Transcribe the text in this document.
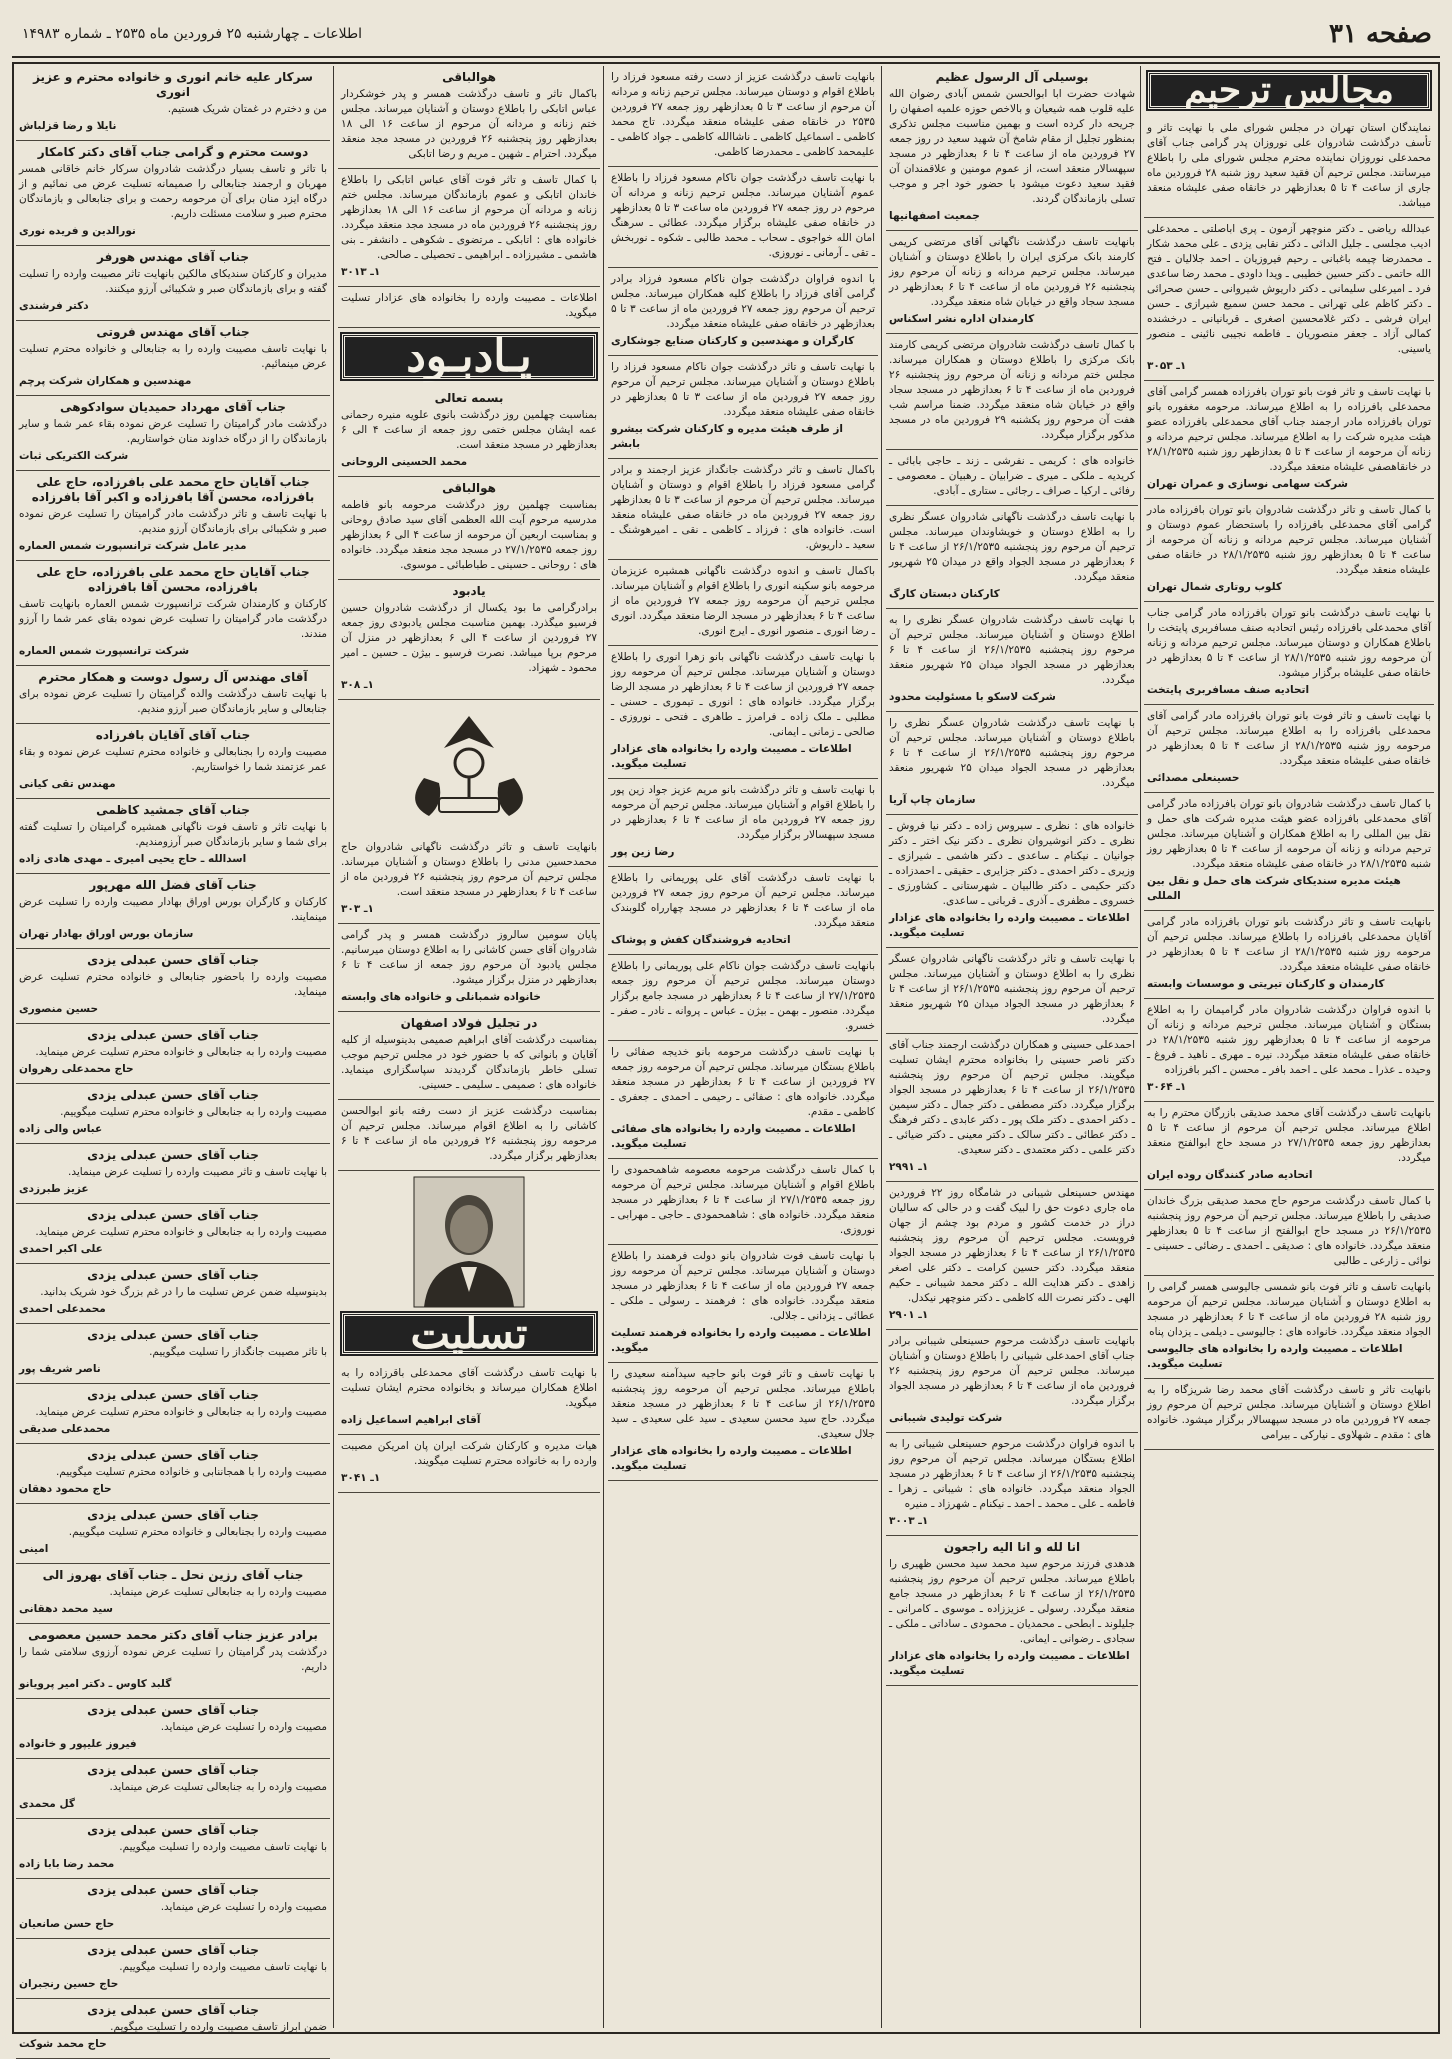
صفحه ۳۱
اطلاعات ـ چهارشنبه ۲۵ فروردین ماه ۲۵۳۵ ـ شماره ۱۴۹۸۳
مجالس ترحیم

نمایندگان استان تهران در مجلس شورای ملی با نهایت تاثر و تأسف درگذشت شادروان علی نوروزان پدر گرامی جناب آقای محمدعلی نوروزان نماینده محترم مجلس شورای ملی را باطلاع میرسانند. مجلس ترحیم آن فقید سعید روز شنبه ۲۸ فروردین ماه جاری از ساعت ۴ تا ۵ بعدازظهر در خانقاه صفی علیشاه منعقد میباشد.

عبدالله ریاضی ـ دکتر منوچهر آزمون ـ پری اباصلتی ـ محمدعلی ادیب مجلسی ـ جلیل الدائی ـ دکتر نقابی یزدی ـ علی محمد شکار ـ محمدرضا چیمه باغبانی ـ رحیم فیروزیان ـ احمد جلالیان ـ فتح الله حاتمی ـ دکتر حسین خطیبی ـ ویدا داودی ـ محمد رضا ساعدی فرد ـ امیرعلی سلیمانی ـ دکتر داریوش شیروانی ـ حسن صحرائی ـ دکتر کاظم علی تهرانی ـ محمد حسن سمیع شیرازی ـ حسن ایران فرشی ـ دکتر غلامحسین اصغری ـ قربانیانی ـ درخشنده کمالی آزاد ـ جعفر منصوریان ـ فاطمه نجیبی نائینی ـ منصور یاسینی.

۱ـ ۳۰۵۳

با نهایت تاسف و تاثر فوت بانو توران بافرزاده همسر گرامی آقای محمدعلی بافرزاده را به اطلاع میرساند. مرحومه مغفوره بانو توران بافرزاده مادر ارجمند جناب آقای محمدعلی بافرزاده عضو هیئت مدیره شرکت را به اطلاع میرساند. مجلس ترحیم مردانه و زنانه آن مرحومه از ساعت ۴ تا ۵ بعدازظهر روز شنبه ۲۸/۱/۲۵۳۵ در خانقاهصفی علیشاه منعقد میگردد.

شرکت سهامی نوسازی و عمران تهران

با کمال تاسف و تاثر درگذشت شادروان بانو توران بافرزاده مادر گرامی آقای محمدعلی بافرزاده را باستحضار عموم دوستان و آشنایان میرساند. مجلس ترحیم مردانه و زنانه آن مرحومه از ساعت ۴ تا ۵ بعدازظهر روز شنبه ۲۸/۱/۲۵۳۵ در خانقاه صفی علیشاه منعقد میگردد.

کلوب روتاری شمال تهران

با نهایت تاسف درگذشت بانو توران بافرزاده مادر گرامی جناب آقای محمدعلی بافرزاده رئیس اتحادیه صنف مسافربری پایتخت را باطلاع همکاران و دوستان میرساند. مجلس ترحیم مردانه و زنانه آن مرحومه روز شنبه ۲۸/۱/۲۵۳۵ از ساعت ۴ تا ۵ بعدازظهر در خانقاه صفی علیشاه برگزار میشود.

اتحادیه صنف مسافربری پایتخت

با نهایت تاسف و تاثر فوت بانو توران بافرزاده مادر گرامی آقای محمدعلی بافرزاده را به اطلاع میرساند. مجلس ترحیم آن مرحومه روز شنبه ۲۸/۱/۲۵۳۵ از ساعت ۴ تا ۵ بعدازظهر در خانقاه صفی علیشاه منعقد میگردد.

حسینعلی مصدائی

با کمال تاسف درگذشت شادروان بانو توران بافرزاده مادر گرامی آقای محمدعلی بافرزاده عضو هیئت مدیره شرکت های حمل و نقل بین المللی را به اطلاع همکاران و آشنایان میرساند. مجلس ترحیم مردانه و زنانه آن مرحومه از ساعت ۴ تا ۵ بعدازظهر روز شنبه ۲۸/۱/۲۵۳۵ در خانقاه صفی علیشاه منعقد میگردد.

هیئت مدیره سندیکای شرکت های حمل و نقل بین المللی

بانهایت تاسف و تاثر درگذشت بانو توران بافرزاده مادر گرامی آقایان محمدعلی بافرزاده را باطلاع میرساند. مجلس ترحیم آن مرحومه روز شنبه ۲۸/۱/۲۵۳۵ از ساعت ۴ تا ۵ بعدازظهر در خانقاه صفی علیشاه منعقد میگردد.

کارمندان و کارکنان تیریتی و موسسات وابسته

با اندوه فراوان درگذشت شادروان مادر گرامیمان را به اطلاع بستگان و آشنایان میرساند. مجلس ترحیم مردانه و زنانه آن مرحومه از ساعت ۴ تا ۵ بعدازظهر روز شنبه ۲۸/۱/۲۵۳۵ در خانقاه صفی علیشاه منعقد میگردد. نیره ـ مهری ـ ناهید ـ فروغ ـ وحیده ـ عذرا ـ محمد علی ـ احمد بافر ـ محسن ـ اکبر بافرزاده

۱ـ ۳۰۶۴

بانهایت تاسف درگذشت آقای محمد صدیقی بازرگان محترم را به اطلاع میرساند. مجلس ترحیم آن مرحوم از ساعت ۴ تا ۵ بعدازظهر روز جمعه ۲۷/۱/۲۵۳۵ در مسجد حاج ابوالفتح منعقد میگردد.

اتحادیه صادر کنندگان روده ایران

با کمال تاسف درگذشت مرحوم حاج محمد صدیقی بزرگ خاندان صدیقی را باطلاع میرساند. مجلس ترحیم آن مرحوم روز پنجشنبه ۲۶/۱/۲۵۳۵ در مسجد حاج ابوالفتح از ساعت ۴ تا ۵ بعدازظهر منعقد میگردد. خانواده های : صدیقی ـ احمدی ـ رضائی ـ حسینی ـ نوائی ـ زارعی ـ طالبی

بانهایت تاسف و تاثر فوت بانو شمسی جالیوسی همسر گرامی را به اطلاع دوستان و آشنایان میرساند. مجلس ترحیم آن مرحومه روز شنبه ۲۸ فروردین ماه از ساعت ۴ تا ۶ بعدازظهر در مسجد الجواد منعقد میگردد. خانواده های : جالیوسی ـ دیلمی ـ یزدان پناه

اطلاعات ـ مصیبت وارده را بخانواده های جالیوسی تسلیت میگوید.

بانهایت تاثر و تاسف درگذشت آقای محمد رضا شریزگاه را به اطلاع دوستان و آشنایان میرساند. مجلس ترحیم آن مرحوم روز جمعه ۲۷ فروردین ماه در مسجد سپهسالار برگزار میشود. خانواده های : مقدم ـ شهلاوی ـ نیارکی ـ بیرامی

بوسیلی آل الرسول عظیم

شهادت حضرت ابا ابوالحسن شمس آبادی رضوان الله علیه قلوب همه شیعیان و بالاخص حوزه علمیه اصفهان را جریحه دار کرده است و بهمین مناسبت مجلس تذکری بمنظور تجلیل از مقام شامخ آن شهید سعید در روز جمعه ۲۷ فروردین ماه از ساعت ۴ تا ۶ بعدازظهر در مسجد سپهسالار منعقد است، از عموم مومنین و علاقمندان آن فقید سعید دعوت میشود با حضور خود اجر و موجب تسلی بازماندگان گردند.

جمعیت اصفهانیها

بانهایت تاسف درگذشت ناگهانی آقای مرتضی کریمی کارمند بانک مرکزی ایران را باطلاع دوستان و آشنایان میرساند. مجلس ترحیم مردانه و زنانه آن مرحوم روز پنجشنبه ۲۶ فروردین ماه از ساعت ۴ تا ۶ بعدازظهر در مسجد سجاد واقع در خیابان شاه منعقد میگردد.

کارمندان اداره نشر اسکناس

با کمال تاسف درگذشت شادروان مرتضی کریمی کارمند بانک مرکزی را باطلاع دوستان و همکاران میرساند. مجلس ختم مردانه و زنانه آن مرحوم روز پنجشنبه ۲۶ فروردین ماه از ساعت ۴ تا ۶ بعدازظهر در مسجد سجاد واقع در خیابان شاه منعقد میگردد. ضمنا مراسم شب هفت آن مرحوم روز یکشنبه ۲۹ فروردین ماه در مسجد مذکور برگزار میگردد.

خانواده های : کریمی ـ نفرشی ـ زند ـ حاجی بابائی ـ کریدیه ـ ملکی ـ میری ـ ضرابیان ـ رهبیان ـ معصومی ـ رفائی ـ اركیا ـ صراف ـ رجائی ـ ستاری ـ آبادی.

با نهایت تاسف درگذشت ناگهانی شادروان عسگر نظری را به اطلاع دوستان و خویشاوندان میرساند. مجلس ترحیم آن مرحوم روز پنجشنبه ۲۶/۱/۲۵۳۵ از ساعت ۴ تا ۶ بعدازظهر در مسجد الجواد واقع در میدان ۲۵ شهریور منعقد میگردد.

کارکنان دبستان کارگ

با نهایت تاسف درگذشت شادروان عسگر نظری را به اطلاع دوستان و آشنایان میرساند. مجلس ترحیم آن مرحوم روز پنجشنبه ۲۶/۱/۲۵۳۵ از ساعت ۴ تا ۶ بعدازظهر در مسجد الجواد میدان ۲۵ شهریور منعقد میگردد.

شرکت لاسکو با مسئولیت محدود

با نهایت تاسف درگذشت شادروان عسگر نظری را باطلاع دوستان و آشنایان میرساند. مجلس ترحیم آن مرحوم روز پنجشنبه ۲۶/۱/۲۵۳۵ از ساعت ۴ تا ۶ بعدازظهر در مسجد الجواد میدان ۲۵ شهریور منعقد میگردد.

سازمان چاپ آریا

خانواده های : نظری ـ سیروس زاده ـ دکتر نیا فروش ـ نظری ـ دکتر انوشیروان نظری ـ دکتر نیک اختر ـ دکتر جوانیان ـ نیکنام ـ ساعدی ـ دکتر هاشمی ـ شیرازی ـ وزیری ـ دکتر احمدی ـ دکتر جزایری ـ حقیقی ـ احمدزاده ـ دکتر حکیمی ـ دکتر طالبیان ـ شهرستانی ـ کشاورزی ـ خسروی ـ مظفری ـ آذری ـ قربانی ـ ساعدی.

اطلاعات ـ مصیبت وارده را بخانواده های عزادار تسلیت میگوید.

با نهایت تاسف و تاثر درگذشت ناگهانی شادروان عسگر نظری را به اطلاع دوستان و آشنایان میرساند. مجلس ترحیم آن مرحوم روز پنجشنبه ۲۶/۱/۲۵۳۵ از ساعت ۴ تا ۶ بعدازظهر در مسجد الجواد میدان ۲۵ شهریور منعقد میگردد.

احمدعلی حسینی و همکاران درگذشت ارجمند جناب آقای دکتر ناصر حسینی را بخانواده محترم ایشان تسلیت میگویند. مجلس ترحیم آن مرحوم روز پنجشنبه ۲۶/۱/۲۵۳۵ از ساعت ۴ تا ۶ بعدازظهر در مسجد الجواد برگزار میگردد. دکتر مصطفی ـ دکتر جمال ـ دکتر سیمین ـ دکتر احمدی ـ دکتر ملک پور ـ دکتر عابدی ـ دکتر فرهنگ ـ دکتر عطائی ـ دکتر سالک ـ دکتر معینی ـ دکتر ضیائی ـ دکتر علمی ـ دکتر معتمدی ـ دکتر سعیدی.

۱ـ ۲۹۹۱

مهندس حسینعلی شیبانی در شامگاه روز ۲۲ فروردین ماه جاری دعوت حق را لبیک گفت و در حالی که سالیان دراز در خدمت کشور و مردم بود چشم از جهان فروبست. مجلس ترحیم آن مرحوم روز پنجشنبه ۲۶/۱/۲۵۳۵ از ساعت ۴ تا ۶ بعدازظهر در مسجد الجواد منعقد میگردد. دکتر حسین کرامت ـ دکتر علی اصغر زاهدی ـ دکتر هدایت الله ـ دکتر محمد شیبانی ـ حکیم الهی ـ دکتر نصرت الله کاظمی ـ دکتر منوچهر نیکدل.

۱ـ ۲۹۰۱

بانهایت تاسف درگذشت مرحوم حسینعلی شیبانی برادر جناب آقای احمدعلی شیبانی را باطلاع دوستان و آشنایان میرساند. مجلس ترحیم آن مرحوم روز پنجشنبه ۲۶ فروردین ماه از ساعت ۴ تا ۶ بعدازظهر در مسجد الجواد برگزار میگردد.

شرکت تولیدی شیبانی

با اندوه فراوان درگذشت مرحوم حسینعلی شیبانی را به اطلاع بستگان میرساند. مجلس ترحیم آن مرحوم روز پنجشنبه ۲۶/۱/۲۵۳۵ از ساعت ۴ تا ۶ بعدازظهر در مسجد الجواد منعقد میگردد. خانواده های : شیبانی ـ زهرا ـ فاطمه ـ علی ـ محمد ـ احمد ـ نیکنام ـ شهرزاد ـ منیره

۱ـ ۳۰۰۳

انا لله و انا الیه راجعون

هدهدی فرزند مرحوم سید محمد سید محسن ظهیری را باطلاع میرساند. مجلس ترحیم آن مرحوم روز پنجشنبه ۲۶/۱/۲۵۳۵ از ساعت ۴ تا ۶ بعدازظهر در مسجد جامع منعقد میگردد. رسولی ـ عزیززاده ـ موسوی ـ کامرانی ـ جلیلوند ـ ابطحی ـ محمدیان ـ محمودی ـ ساداتی ـ ملکی ـ سجادی ـ رضوانی ـ ایمانی.

اطلاعات ـ مصیبت وارده را بخانواده های عزادار تسلیت میگوید.

بانهایت تاسف درگذشت عزیز از دست رفته مسعود فرزاد را باطلاع اقوام و دوستان میرساند. مجلس ترحیم زنانه و مردانه آن مرحوم از ساعت ۳ تا ۵ بعدازظهر روز جمعه ۲۷ فروردین ۲۵۳۵ در خانقاه صفی علیشاه منعقد میگردد. تاج محمد کاظمی ـ اسماعیل کاظمی ـ ناشاالله کاظمی ـ جواد کاظمی ـ علیمحمد کاظمی ـ محمدرضا کاظمی.

با نهایت تاسف درگذشت جوان ناکام مسعود فرزاد را باطلاع عموم آشنایان میرساند. مجلس ترحیم زنانه و مردانه آن مرحوم در روز جمعه ۲۷ فروردین ماه ساعت ۳ تا ۵ بعدازظهر در خانقاه صفی علیشاه برگزار میگردد. عطائی ـ سرهنگ امان الله خواجوی ـ سحاب ـ محمد طالبی ـ شکوه ـ نوربخش ـ تقی ـ آرمانی ـ نوروزی.

با اندوه فراوان درگذشت جوان ناکام مسعود فرزاد برادر گرامی آقای فرزاد را باطلاع کلیه همکاران میرساند. مجلس ترحیم آن مرحوم روز جمعه ۲۷ فروردین ماه از ساعت ۳ تا ۵ بعدازظهر در خانقاه صفی علیشاه منعقد میگردد.

کارگران و مهندسین و کارکنان صنایع جوشکاری

با نهایت تاسف و تاثر درگذشت جوان ناکام مسعود فرزاد را باطلاع دوستان و آشنایان میرساند. مجلس ترحیم آن مرحوم روز جمعه ۲۷ فروردین ماه از ساعت ۳ تا ۵ بعدازظهر در خانقاه صفی علیشاه منعقد میگردد.

از طرف هیئت مدیره و کارکنان شرکت بیشرو بابشر

باکمال تاسف و تاثر درگذشت جانگداز عزیز ارجمند و برادر گرامی مسعود فرزاد را باطلاع اقوام و دوستان و آشنایان میرساند. مجلس ترحیم آن مرحوم از ساعت ۳ تا ۵ بعدازظهر روز جمعه ۲۷ فروردین ماه در خانقاه صفی علیشاه منعقد است. خانواده های : فرزاد ـ کاظمی ـ نقی ـ امیرهوشنگ ـ سعید ـ داریوش.

باکمال تاسف و اندوه درگذشت ناگهانی همشیره عزیزمان مرحومه بانو سکینه انوری را باطلاع اقوام و آشنایان میرساند. مجلس ترحیم آن مرحومه روز جمعه ۲۷ فروردین ماه از ساعت ۴ تا ۶ بعدازظهر در مسجد الرضا منعقد میگردد. انوری ـ رضا انوری ـ منصور انوری ـ ایرج انوری.

با نهایت تاسف درگذشت ناگهانی بانو زهرا انوری را باطلاع دوستان و آشنایان میرساند. مجلس ترحیم آن مرحومه روز جمعه ۲۷ فروردین از ساعت ۴ تا ۶ بعدازظهر در مسجد الرضا برگزار میگردد. خانواده های : انوری ـ تیموری ـ حسنی ـ مطلبی ـ ملک زاده ـ فرامرز ـ طاهری ـ فتحی ـ نوروزی ـ صالحی ـ زمانی ـ ایمانی.

اطلاعات ـ مصیبت وارده را بخانواده های عزادار تسلیت میگوید.

با نهایت تاسف و تاثر درگذشت بانو مریم عزیز جواد زین پور را باطلاع اقوام و آشنایان میرساند. مجلس ترحیم آن مرحومه روز جمعه ۲۷ فروردین ماه از ساعت ۴ تا ۶ بعدازظهر در مسجد سپهسالار برگزار میگردد.

رضا زین پور

با نهایت تاسف درگذشت آقای علی پوریمانی را باطلاع میرساند. مجلس ترحیم آن مرحوم روز جمعه ۲۷ فروردین ماه از ساعت ۴ تا ۶ بعدازظهر در مسجد چهارراه گلوبندک منعقد میگردد.

اتحادیه فروشندگان کفش و پوشاک

بانهایت تاسف درگذشت جوان ناکام علی پوریمانی را باطلاع دوستان میرساند. مجلس ترحیم آن مرحوم روز جمعه ۲۷/۱/۲۵۳۵ از ساعت ۴ تا ۶ بعدازظهر در مسجد جامع برگزار میگردد. منصور ـ بهمن ـ بیژن ـ عباس ـ پروانه ـ نادر ـ صفر ـ خسرو.

با نهایت تاسف درگذشت مرحومه بانو خدیجه صفائی را باطلاع بستگان میرساند. مجلس ترحیم آن مرحومه روز جمعه ۲۷ فروردین از ساعت ۴ تا ۶ بعدازظهر در مسجد منعقد میگردد. خانواده های : صفائی ـ رحیمی ـ احمدی ـ جعفری ـ کاظمی ـ مقدم.

اطلاعات ـ مصیبت وارده را بخانواده های صفائی تسلیت میگوید.

با کمال تاسف درگذشت مرحومه معصومه شاهمحمودی را باطلاع اقوام و آشنایان میرساند. مجلس ترحیم آن مرحومه روز جمعه ۲۷/۱/۲۵۳۵ از ساعت ۴ تا ۶ بعدازظهر در مسجد منعقد میگردد. خانواده های : شاهمحمودی ـ حاجی ـ مهرابی ـ نوروزی.

با نهایت تاسف فوت شادروان بانو دولت فرهمند را باطلاع دوستان و آشنایان میرساند. مجلس ترحیم آن مرحومه روز جمعه ۲۷ فروردین ماه از ساعت ۴ تا ۶ بعدازظهر در مسجد منعقد میگردد. خانواده های : فرهمند ـ رسولی ـ ملکی ـ عطائی ـ یزدانی ـ جلالی.

اطلاعات ـ مصیبت وارده را بخانواده فرهمند تسلیت میگوید.

با نهایت تاسف و تاثر فوت بانو حاجیه سیدآمنه سعیدی را باطلاع میرساند. مجلس ترحیم آن مرحومه روز پنجشنبه ۲۶/۱/۲۵۳۵ از ساعت ۴ تا ۶ بعدازظهر در مسجد منعقد میگردد. حاج سید محسن سعیدی ـ سید علی سعیدی ـ سید جلال سعیدی.

اطلاعات ـ مصیبت وارده را بخانواده های عزادار تسلیت میگوید.

هوالباقی

باکمال تاثر و تاسف درگذشت همسر و پدر خوشکردار عباس اتابکی را باطلاع دوستان و آشنایان میرساند. مجلس ختم زنانه و مردانه آن مرحوم از ساعت ۱۶ الی ۱۸ بعدازظهر روز پنجشنبه ۲۶ فروردین در مسجد مجد منعقد میگردد. احترام ـ شهین ـ مریم و رضا اتابکی

با کمال تاسف و تاثر فوت آقای عباس اتابکی را باطلاع خاندان اتابکی و عموم بازماندگان میرساند. مجلس ختم زنانه و مردانه آن مرحوم از ساعت ۱۶ الی ۱۸ بعدازظهر روز پنجشنبه ۲۶ فروردین ماه در مسجد مجد منعقد میگردد. خانواده های : اتابکی ـ مرتضوی ـ شکوهی ـ دانشفر ـ بنی هاشمی ـ مشیرزاده ـ ابراهیمی ـ تحصیلی ـ صالحی.

۱ـ ۳۰۱۳

اطلاعات ـ مصیبت وارده را بخانواده های عزادار تسلیت میگوید.

یـادبـود
بسمه تعالی

بمناسبت چهلمین روز درگذشت بانوی علویه منیره رحمانی عمه ایشان مجلس ختمی روز جمعه از ساعت ۴ الی ۶ بعدازظهر در مسجد منعقد است.

محمد الحسینی الروحانی

هوالباقی

بمناسبت چهلمین روز درگذشت مرحومه بانو فاطمه مدرسیه مرحوم آیت الله العظمی آقای سید صادق روحانی و بمناسبت اربعین آن مرحومه از ساعت ۴ الی ۶ بعدازظهر روز جمعه ۲۷/۱/۲۵۳۵ در مسجد مجد منعقد میگردد. خانواده های : روحانی ـ حسینی ـ طباطبائی ـ موسوی.

یادبود

برادرگرامی ما بود یکسال از درگذشت شادروان حسین فرسیو میگذرد. بهمین مناسبت مجلس یادبودی روز جمعه ۲۷ فروردین از ساعت ۴ الی ۶ بعدازظهر در منزل آن مرحوم برپا میباشد. نصرت فرسیو ـ بیژن ـ حسین ـ امیر محمود ـ شهزاد.

۱ـ ۳۰۸

بانهایت تاسف و تاثر درگذشت ناگهانی شادروان حاج محمدحسین مدنی را باطلاع دوستان و آشنایان میرساند. مجلس ترحیم آن مرحوم روز پنجشنبه ۲۶ فروردین ماه از ساعت ۴ تا ۶ بعدازظهر در مسجد منعقد است.

۱ـ ۳۰۳

پایان سومین سالروز درگذشت همسر و پدر گرامی شادروان آقای حسن کاشانی را به اطلاع دوستان میرسانیم. مجلس یادبود آن مرحوم روز جمعه از ساعت ۴ تا ۶ بعدازظهر در منزل برگزار میشود.

خانواده شمبانلی و خانواده های وابسته

در تجلیل فولاد اصفهان

بمناسبت درگذشت آقای ابراهیم صمیمی بدینوسیله از کلیه آقایان و بانوانی که با حضور خود در مجلس ترحیم موجب تسلی خاطر بازماندگان گردیدند سپاسگزاری مینماید. خانواده های : صمیمی ـ سلیمی ـ حسینی.

بمناسبت درگذشت عزیز از دست رفته بانو ابوالحسن کاشانی را به اطلاع اقوام میرساند. مجلس ترحیم آن مرحومه روز پنجشنبه ۲۶ فروردین ماه از ساعت ۴ تا ۶ بعدازظهر برگزار میگردد.

تسلیت

با نهایت تاسف درگذشت آقای محمدعلی باقرزاده را به اطلاع همکاران میرساند و بخانواده محترم ایشان تسلیت میگوید.

آقای ابراهیم اسماعیل زاده

هیات مدیره و کارکنان شرکت ایران پان امریکن مصیبت وارده را به خانواده محترم تسلیت میگویند.

۱ـ ۳۰۴۱

سرکار علیه خانم انوری و خانواده محترم و عزیز انوری

من و دخترم در غمتان شریک هستیم.

نایلا و رضا قزلباش

دوست محترم و گرامی جناب آقای دکتر کامکار

با تاثر و تاسف بسیار درگذشت شادروان سرکار خانم خاقانی همسر مهربان و ارجمند جنابعالی را صمیمانه تسلیت عرض می نمائیم و از درگاه ایزد منان برای آن مرحومه رحمت و برای جنابعالی و بازماندگان محترم صبر و سلامت مسئلت داریم.

نورالدین و فریده نوری

جناب آقای مهندس هورفر

مدیران و کارکنان سندیکای مالکین بانهایت تاثر مصیبت وارده را تسلیت گفته و برای بازماندگان صبر و شکیبائی آرزو میکنند.

دکتر فرشندی

جناب آقای مهندس فروتی

با نهایت تاسف مصیبت وارده را به جنابعالی و خانواده محترم تسلیت عرض مینمائیم.

مهندسین و همکاران شرکت پرچم

جناب آقای مهرداد حمیدیان سوادکوهی

درگذشت مادر گرامیتان را تسلیت عرض نموده بقاء عمر شما و سایر بازماندگان را از درگاه خداوند منان خواستاریم.

شرکت الکتریکی ثبات

جناب آقایان حاج محمد علی بافرزاده، حاج علی بافرزاده، محسن آقا بافرزاده و اکبر آقا بافرزاده

با نهایت تاسف و تاثر درگذشت مادر گرامیتان را تسلیت عرض نموده صبر و شکیبائی برای بازماندگان آرزو مندیم.

مدیر عامل شرکت ترانسپورت شمس العماره

جناب آقایان حاج محمد علی بافرزاده، حاج علی بافرزاده، محسن آقا بافرزاده

کارکنان و کارمندان شرکت ترانسپورت شمس العماره بانهایت تاسف درگذشت مادر گرامیتان را تسلیت عرض نموده بقای عمر شما را آرزو مندند.

شرکت ترانسپورت شمس العماره

آقای مهندس آل رسول دوست و همکار محترم

با نهایت تاسف درگذشت والده گرامیتان را تسلیت عرض نموده برای جنابعالی و سایر بازماندگان صبر آرزو مندیم.

جناب آقای آقایان بافرزاده

مصیبت وارده را بجنابعالی و خانواده محترم تسلیت عرض نموده و بقاء عمر عزتمند شما را خواستاریم.

مهندس تقی کیانی

جناب آقای جمشید کاظمی

با نهایت تاثر و تاسف فوت ناگهانی همشیره گرامیتان را تسلیت گفته برای شما و سایر بازماندگان صبر آرزومندیم.

اسدالله ـ حاج یحیی امیری ـ مهدی هادی زاده

جناب آقای فضل الله مهرپور

کارکنان و کارگران بورس اوراق بهادار مصیبت وارده را تسلیت عرض مینمایند.

سازمان بورس اوراق بهادار تهران

جناب آقای حسن عبدلی یزدی

مصیبت وارده را باحضور جنابعالی و خانواده محترم تسلیت عرض مینماید.

حسین منصوری

جناب آقای حسن عبدلی یزدی

مصیبت وارده را به جنابعالی و خانواده محترم تسلیت عرض مینماید.

حاج محمدعلی رهروان

جناب آقای حسن عبدلی یزدی

مصیبت وارده را به جنابعالی و خانواده محترم تسلیت میگوییم.

عباس والی زاده

جناب آقای حسن عبدلی یزدی

با نهایت تاسف و تاثر مصیبت وارده را تسلیت عرض مینماید.

عزیز طبرزدی

جناب آقای حسن عبدلی یزدی

مصیبت وارده را به جنابعالی و خانواده محترم تسلیت عرض مینماید.

علی اکبر احمدی

جناب آقای حسن عبدلی یزدی

بدینوسیله ضمن عرض تسلیت ما را در غم بزرگ خود شریک بدانید.

محمدعلی احمدی

جناب آقای حسن عبدلی یزدی

با تاثر مصیبت جانگداز را تسلیت میگوییم.

ناصر شریف پور

جناب آقای حسن عبدلی یزدی

مصیبت وارده را به جنابعالی و خانواده محترم تسلیت عرض مینماید.

محمدعلی صدیقی

جناب آقای حسن عبدلی یزدی

مصیبت وارده را با همجاننابی و خانواده محترم تسلیت میگوییم.

حاج محمود دهقان

جناب آقای حسن عبدلی یزدی

مصیبت وارده را بجنابعالی و خانواده محترم تسلیت میگوییم.

امینی

جناب آقای رزین نحل ـ جناب آقای بهروز الی

مصیبت وارده را به جنابعالی تسلیت عرض مینماید.

سید محمد دهقانی

برادر عزیز جناب آقای دکتر محمد حسین معصومی

درگذشت پدر گرامیتان را تسلیت عرض نموده آرزوی سلامتی شما را داریم.

گلبد کاوس ـ دکتر امیر پرویانو

جناب آقای حسن عبدلی یزدی

مصیبت وارده را تسلیت عرض مینماید.

فیروز علیپور و خانواده

جناب آقای حسن عبدلی یزدی

مصیبت وارده را به جنابعالی تسلیت عرض مینماید.

گل محمدی

جناب آقای حسن عبدلی یزدی

با نهایت تاسف مصیبت وارده را تسلیت میگوییم.

محمد رضا بابا زاده

جناب آقای حسن عبدلی یزدی

مصیبت وارده را تسلیت عرض مینماید.

حاج حسن صانعیان

جناب آقای حسن عبدلی یزدی

با نهایت تاسف مصیبت وارده را تسلیت میگوییم.

حاج حسین رنجبران

جناب آقای حسن عبدلی یزدی

ضمن ابراز تاسف مصیبت وارده را تسلیت میگویم.

حاج محمد شوکت
